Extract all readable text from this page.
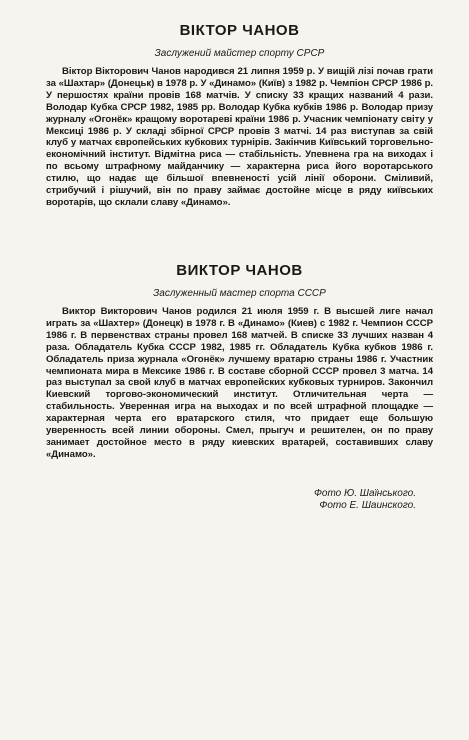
ВІКТОР ЧАНОВ
Заслужений майстер спорту СРСР

Віктор Вікторович Чанов народився 21 липня 1959 р. У вищій лізі почав грати за «Шахтар» (Донецьк) в 1978 р. У «Динамо» (Київ) з 1982 р. Чемпіон СРСР 1986 р. У першостях країни провів 168 матчів. У списку 33 кращих названий 4 рази. Володар Кубка СРСР 1982, 1985 рр. Володар Кубка кубків 1986 р. Володар призу журналу «Огонёк» кращому воротареві країни 1986 р. Учасник чемпіонату світу у Мексиці 1986 р. У складі збірної СРСР провів 3 матчі. 14 раз виступав за свій клуб у матчах європейських кубкових турнірів. Закінчив Київський торговельно-економічний інститут. Відмітна риса — стабільність. Упевнена гра на виходах і по всьому штрафному майданчику — характерна риса його воротарського стилю, що надає ще більшої впевненості усій лінії оборони. Сміливий, стрибучий і рішучий, він по праву займає достойне місце в ряду київських воротарів, що склали славу «Динамо».

ВИКТОР ЧАНОВ
Заслуженный мастер спорта СССР

Виктор Викторович Чанов родился 21 июля 1959 г. В высшей лиге начал играть за «Шахтер» (Донецк) в 1978 г. В «Динамо» (Киев) с 1982 г. Чемпион СССР 1986 г. В первенствах страны провел 168 матчей. В списке 33 лучших назван 4 раза. Обладатель Кубка СССР 1982, 1985 гг. Обладатель Кубка кубков 1986 г. Обладатель приза журнала «Огонёк» лучшему вратарю страны 1986 г. Участник чемпионата мира в Мексике 1986 г. В составе сборной СССР провел 3 матча. 14 раз выступал за свой клуб в матчах европейских кубковых турниров. Закончил Киевский торгово-экономический институт. Отличительная черта — стабильность. Уверенная игра на выходах и по всей штрафной площадке — характерная черта его вратарского стиля, что придает еще большую уверенность всей линии обороны. Смел, прыгуч и решителен, он по праву занимает достойное место в ряду киевских вратарей, составивших славу «Динамо».

Фото Ю. Шаїнського.
Фото Е. Шаинского.
